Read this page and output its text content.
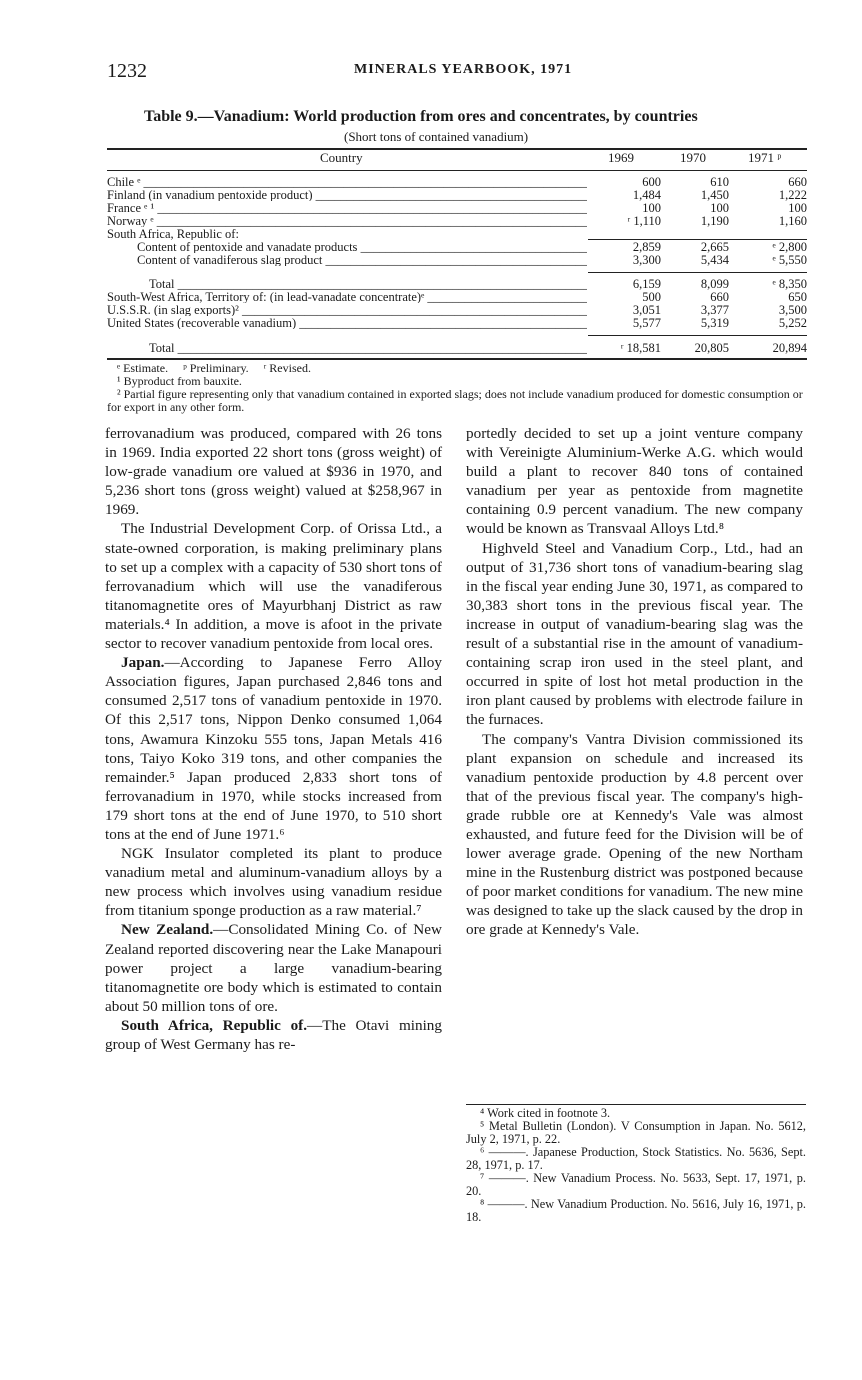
1232	MINERALS YEARBOOK, 1971
Table 9.—Vanadium: World production from ores and concentrates, by countries
(Short tons of contained vanadium)
Country	1969	1970	1971 ᵖ
Chile ᵉ _____	600	610	660
Finland (in vanadium pentoxide product) _____	1,484	1,450	1,222
France ᵉ ¹ _____	100	100	100
Norway ᵉ _____	ʳ 1,110	1,190	1,160
South Africa, Republic of:
Content of pentoxide and vanadate products _____	2,859	2,665	ᵉ 2,800
Content of vanadiferous slag product _____	3,300	5,434	ᵉ 5,550
Total _____	6,159	8,099	ᵉ 8,350
South-West Africa, Territory of: (in lead-vanadate concentrate)ᵉ _____	500	660	650
U.S.S.R. (in slag exports)² _____	3,051	3,377	3,500
United States (recoverable vanadium) _____	5,577	5,319	5,252
Total _____	ʳ 18,581	20,805	20,894
ᵉ Estimate.     ᵖ Preliminary.     ʳ Revised.
¹ Byproduct from bauxite.
² Partial figure representing only that vanadium contained in exported slags; does not include vanadium produced for domestic consumption or for export in any other form.

ferrovanadium was produced, compared with 26 tons in 1969. India exported 22 short tons (gross weight) of low-grade vanadium ore valued at $936 in 1970, and 5,236 short tons (gross weight) valued at $258,967 in 1969.

The Industrial Development Corp. of Orissa Ltd., a state-owned corporation, is making preliminary plans to set up a complex with a capacity of 530 short tons of ferrovanadium which will use the vanadiferous titanomagnetite ores of Mayurbhanj District as raw materials.⁴ In addition, a move is afoot in the private sector to recover vanadium pentoxide from local ores.

Japan.—According to Japanese Ferro Alloy Association figures, Japan purchased 2,846 tons and consumed 2,517 tons of vanadium pentoxide in 1970. Of this 2,517 tons, Nippon Denko consumed 1,064 tons, Awamura Kinzoku 555 tons, Japan Metals 416 tons, Taiyo Koko 319 tons, and other companies the remainder.⁵ Japan produced 2,833 short tons of ferrovanadium in 1970, while stocks increased from 179 short tons at the end of June 1970, to 510 short tons at the end of June 1971.⁶

NGK Insulator completed its plant to produce vanadium metal and aluminum-vanadium alloys by a new process which involves using vanadium residue from titanium sponge production as a raw material.⁷

New Zealand.—Consolidated Mining Co. of New Zealand reported discovering near the Lake Manapouri power project a large vanadium-bearing titanomagnetite ore body which is estimated to contain about 50 million tons of ore.

South Africa, Republic of.—The Otavi mining group of West Germany has re-

portedly decided to set up a joint venture company with Vereinigte Aluminium-Werke A.G. which would build a plant to recover 840 tons of contained vanadium per year as pentoxide from magnetite containing 0.9 percent vanadium. The new company would be known as Transvaal Alloys Ltd.⁸

Highveld Steel and Vanadium Corp., Ltd., had an output of 31,736 short tons of vanadium-bearing slag in the fiscal year ending June 30, 1971, as compared to 30,383 short tons in the previous fiscal year. The increase in output of vanadium-bearing slag was the result of a substantial rise in the amount of vanadium-containing scrap iron used in the steel plant, and occurred in spite of lost hot metal production in the iron plant caused by problems with electrode failure in the furnaces.

The company's Vantra Division commissioned its plant expansion on schedule and increased its vanadium pentoxide production by 4.8 percent over that of the previous fiscal year. The company's high-grade rubble ore at Kennedy's Vale was almost exhausted, and future feed for the Division will be of lower average grade. Opening of the new Northam mine in the Rustenburg district was postponed because of poor market conditions for vanadium. The new mine was designed to take up the slack caused by the drop in ore grade at Kennedy's Vale.

⁴ Work cited in footnote 3.
⁵ Metal Bulletin (London). V Consumption in Japan. No. 5612, July 2, 1971, p. 22.
⁶ ———. Japanese Production, Stock Statistics. No. 5636, Sept. 28, 1971, p. 17.
⁷ ———. New Vanadium Process. No. 5633, Sept. 17, 1971, p. 20.
⁸ ———. New Vanadium Production. No. 5616, July 16, 1971, p. 18.
